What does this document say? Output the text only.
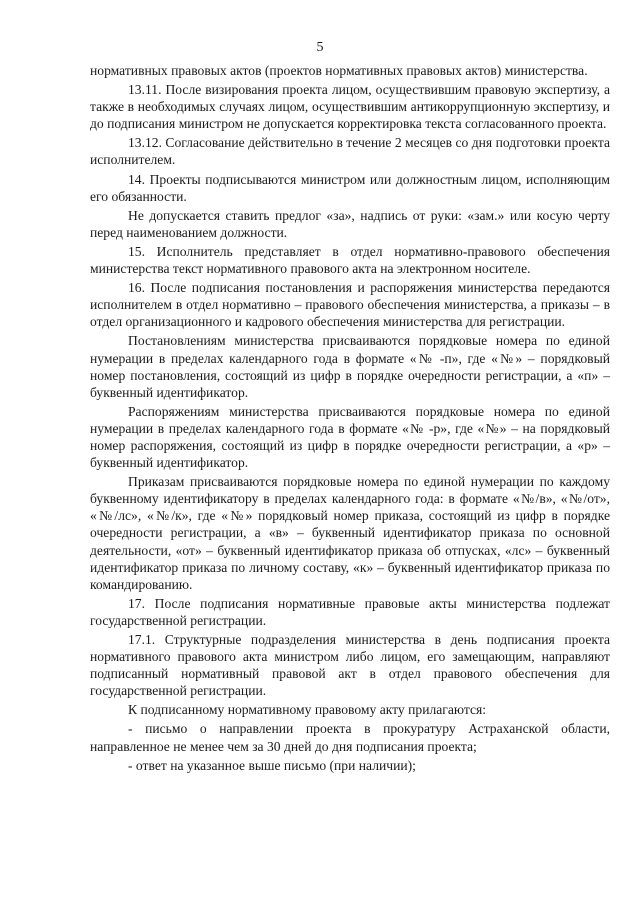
5

нормативных правовых актов (проектов нормативных правовых актов) министерства.

13.11. После визирования проекта лицом, осуществившим правовую экспертизу, а также в необходимых случаях лицом, осуществившим антикоррупционную экспертизу, и до подписания министром не допускается корректировка текста согласованного проекта.

13.12. Согласование действительно в течение 2 месяцев со дня подготовки проекта исполнителем.

14. Проекты подписываются министром или должностным лицом, исполняющим его обязанности.

Не допускается ставить предлог «за», надпись от руки: «зам.» или косую черту перед наименованием должности.

15. Исполнитель представляет в отдел нормативно-правового обеспечения министерства текст нормативного правового акта на электронном носителе.

16. После подписания постановления и распоряжения министерства передаются исполнителем в отдел нормативно – правового обеспечения министерства, а приказы – в отдел организационного и кадрового обеспечения министерства для регистрации.

Постановлениям министерства присваиваются порядковые номера по единой нумерации в пределах календарного года в формате «№ -п», где «№» – порядковый номер постановления, состоящий из цифр в порядке очередности регистрации, а «п» – буквенный идентификатор.

Распоряжениям министерства присваиваются порядковые номера по единой нумерации в пределах календарного года в формате «№ -р», где «№» – на порядковый номер распоряжения, состоящий из цифр в порядке очередности регистрации, а «р» – буквенный идентификатор.

Приказам присваиваются порядковые номера по единой нумерации по каждому буквенному идентификатору в пределах календарного года: в формате «№/в», «№/от», «№/лс», «№/к», где «№» порядковый номер приказа, состоящий из цифр в порядке очередности регистрации, а «в» – буквенный идентификатор приказа по основной деятельности, «от» – буквенный идентификатор приказа об отпусках, «лс» – буквенный идентификатор приказа по личному составу, «к» – буквенный идентификатор приказа по командированию.

17. После подписания нормативные правовые акты министерства подлежат государственной регистрации.

17.1. Структурные подразделения министерства в день подписания проекта нормативного правового акта министром либо лицом, его замещающим, направляют подписанный нормативный правовой акт в отдел правового обеспечения для государственной регистрации.

К подписанному нормативному правовому акту прилагаются:

- письмо о направлении проекта в прокуратуру Астраханской области, направленное не менее чем за 30 дней до дня подписания проекта;

- ответ на указанное выше письмо (при наличии);
